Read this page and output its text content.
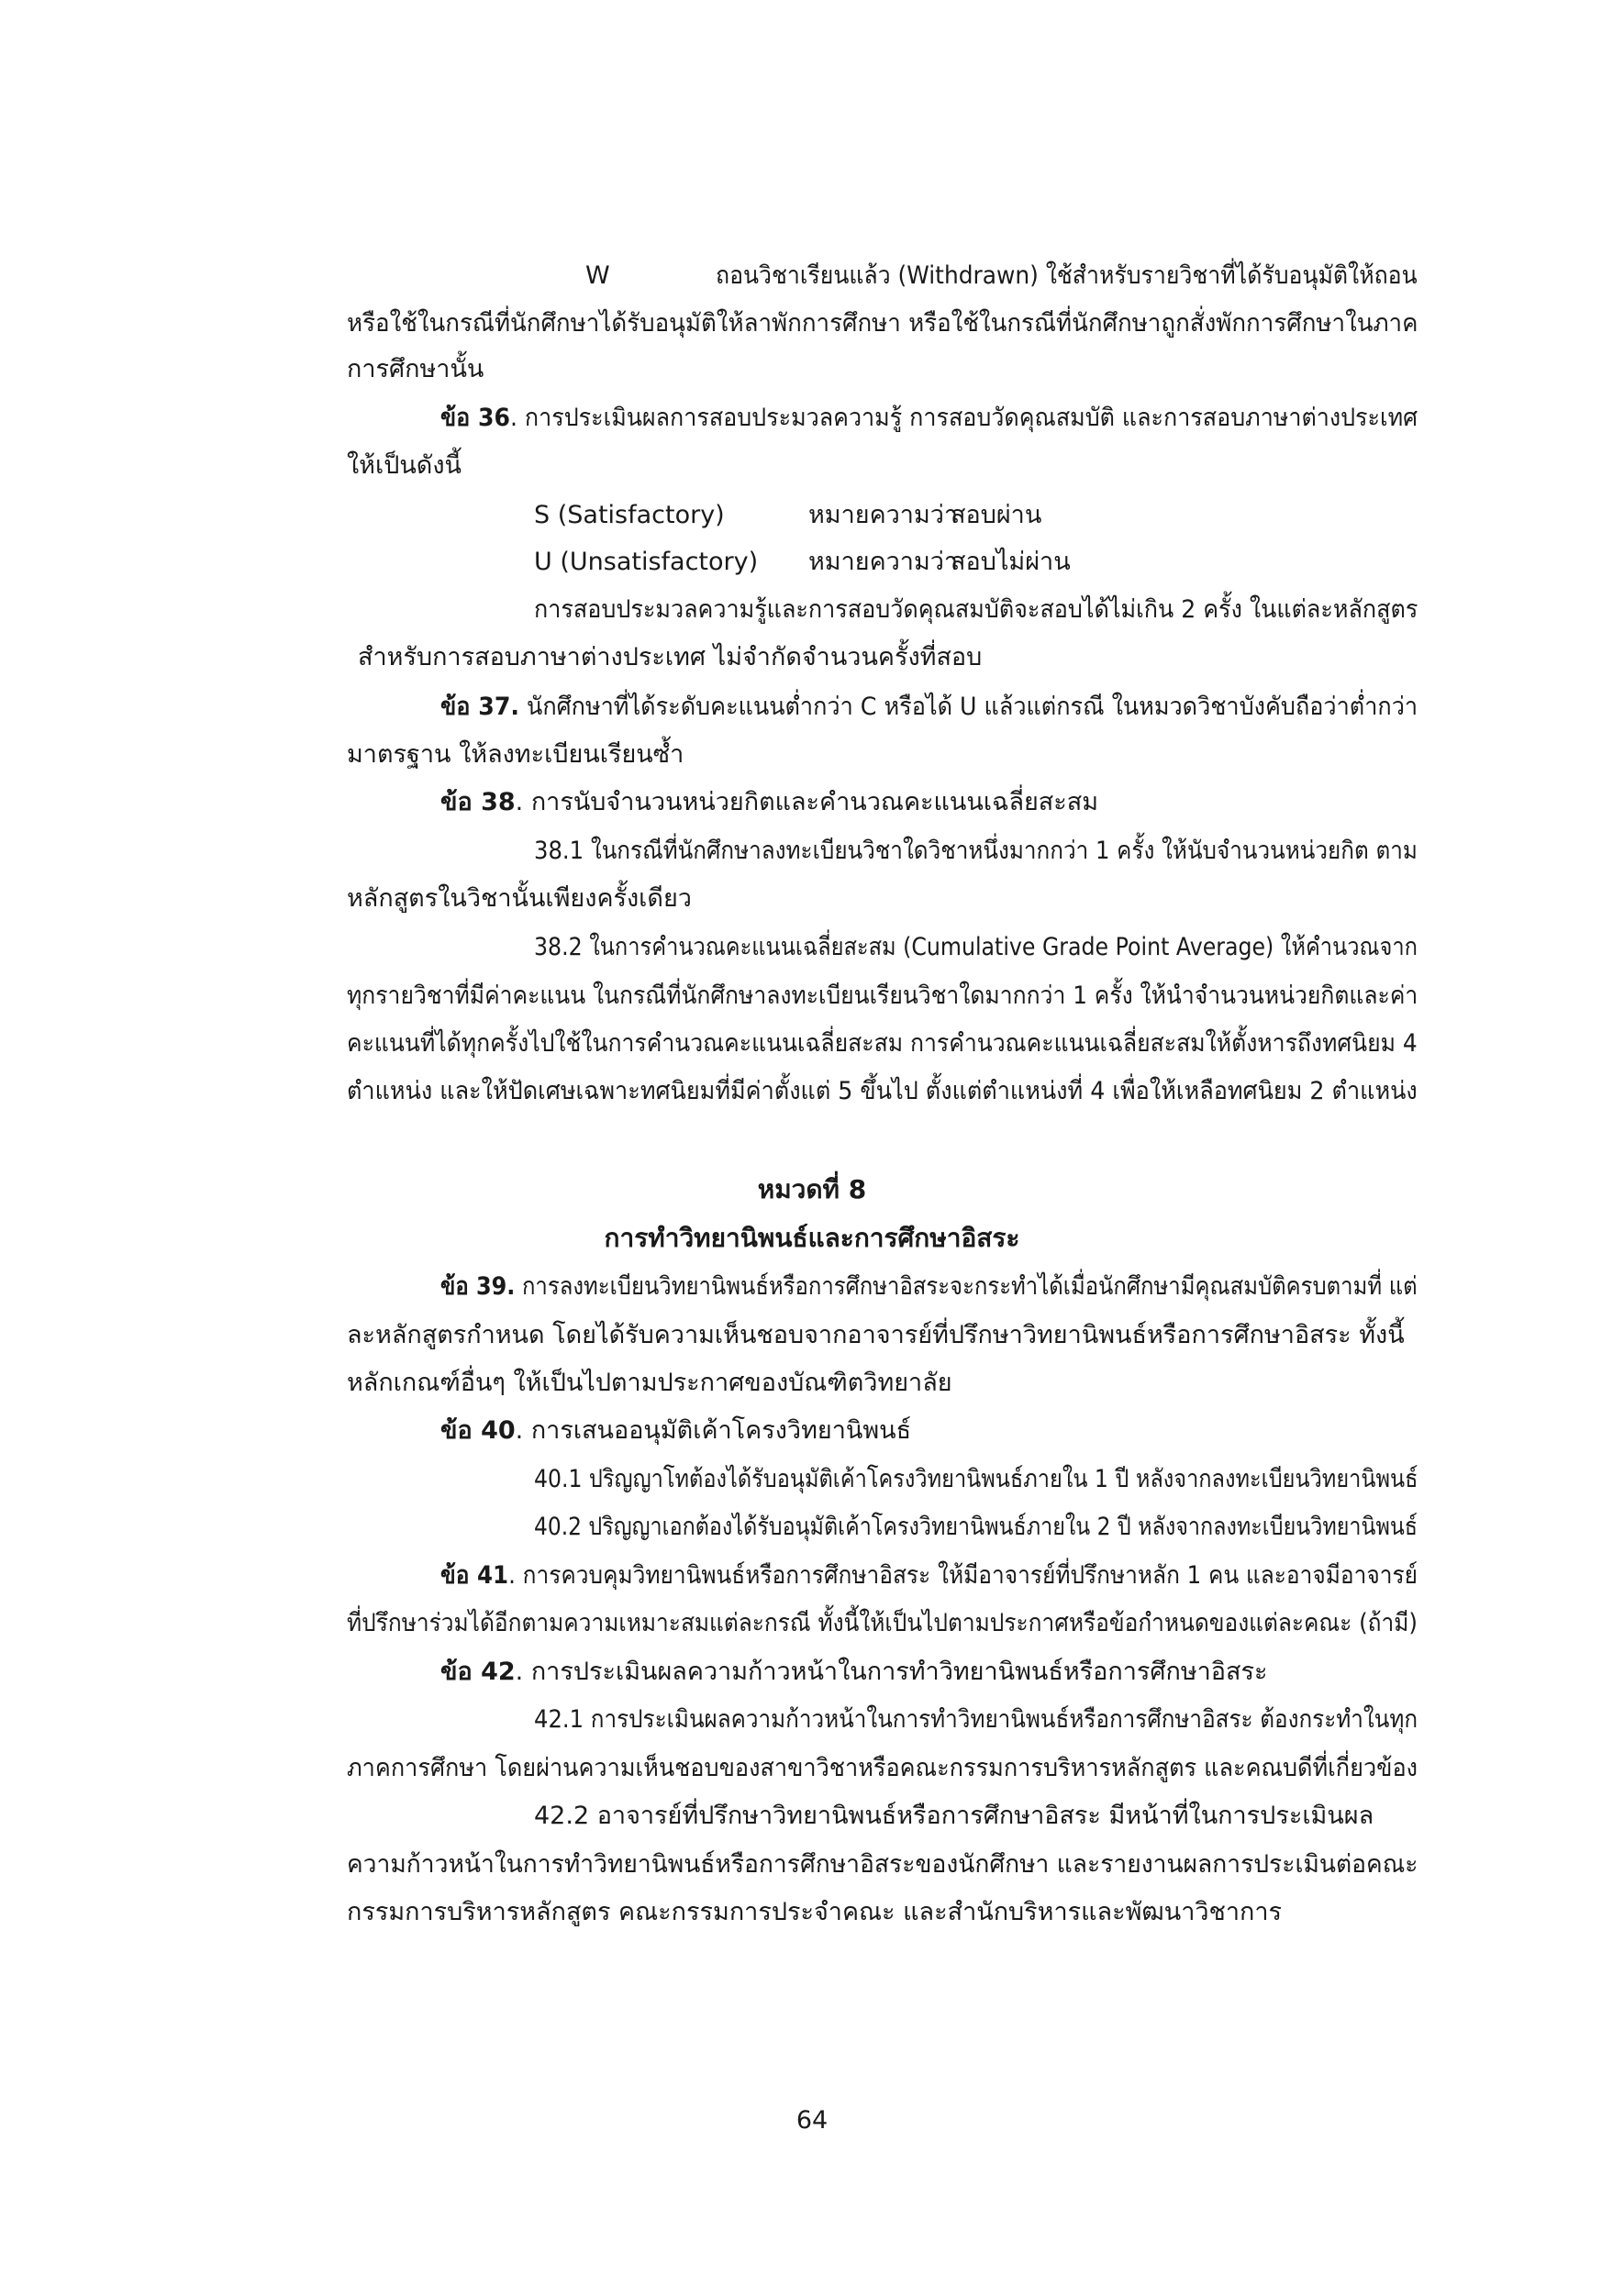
W	ถอนวิชาเรียนแล้ว (Withdrawn) ใช้สำหรับรายวิชาที่ได้รับอนุมัติให้ถอน
หรือใช้ในกรณีที่นักศึกษาได้รับอนุมัติให้ลาพักการศึกษา หรือใช้ในกรณีที่นักศึกษาถูกสั่งพักการศึกษาในภาค
การศึกษานั้น
ข้อ 36. การประเมินผลการสอบประมวลความรู้ การสอบวัดคุณสมบัติ และการสอบภาษาต่างประเทศ
ให้เป็นดังนี้
S (Satisfactory)	หมายความว่า
สอบผ่าน
U (Unsatisfactory) หมายความว่า
สอบไม่ผ่าน
การสอบประมวลความรู้และการสอบวัดคุณสมบัติจะสอบได้ไม่เกิน 2 ครั้ง ในแต่ละหลักสูตร
สำหรับการสอบภาษาต่างประเทศ ไม่จำกัดจำนวนครั้งที่สอบ
ข้อ 37. นักศึกษาที่ได้ระดับคะแนนต่ำกว่า C หรือได้ U แล้วแต่กรณี ในหมวดวิชาบังคับถือว่าต่ำกว่า
มาตรฐาน ให้ลงทะเบียนเรียนซ้ำ
ข้อ 38. การนับจำนวนหน่วยกิตและคำนวณคะแนนเฉลี่ยสะสม
38.1 ในกรณีที่นักศึกษาลงทะเบียนวิชาใดวิชาหนึ่งมากกว่า 1 ครั้ง ให้นับจำนวนหน่วยกิต ตาม
หลักสูตรในวิชานั้นเพียงครั้งเดียว
38.2 ในการคำนวณคะแนนเฉลี่ยสะสม (Cumulative Grade Point Average) ให้คำนวณจาก
ทุกรายวิชาที่มีค่าคะแนน ในกรณีที่นักศึกษาลงทะเบียนเรียนวิชาใดมากกว่า 1 ครั้ง ให้นำจำนวนหน่วยกิตและค่า
คะแนนที่ได้ทุกครั้งไปใช้ในการคำนวณคะแนนเฉลี่ยสะสม การคำนวณคะแนนเฉลี่ยสะสมให้ตั้งหารถึงทศนิยม 4
ตำแหน่ง และให้ปัดเศษเฉพาะทศนิยมที่มีค่าตั้งแต่ 5 ขึ้นไป ตั้งแต่ตำแหน่งที่ 4 เพื่อให้เหลือทศนิยม 2 ตำแหน่ง
หมวดที่ 8
การทำวิทยานิพนธ์และการศึกษาอิสระ
ข้อ 39. การลงทะเบียนวิทยานิพนธ์หรือการศึกษาอิสระจะกระทำได้เมื่อนักศึกษามีคุณสมบัติครบตามที่ แต่
ละหลักสูตรกำหนด โดยได้รับความเห็นชอบจากอาจารย์ที่ปรึกษาวิทยานิพนธ์หรือการศึกษาอิสระ ทั้งนี้
หลักเกณฑ์อื่นๆ ให้เป็นไปตามประกาศของบัณฑิตวิทยาลัย
ข้อ 40. การเสนออนุมัติเค้าโครงวิทยานิพนธ์
40.1 ปริญญาโทต้องได้รับอนุมัติเค้าโครงวิทยานิพนธ์ภายใน 1 ปี หลังจากลงทะเบียนวิทยานิพนธ์
40.2 ปริญญาเอกต้องได้รับอนุมัติเค้าโครงวิทยานิพนธ์ภายใน 2 ปี หลังจากลงทะเบียนวิทยานิพนธ์
ข้อ 41. การควบคุมวิทยานิพนธ์หรือการศึกษาอิสระ ให้มีอาจารย์ที่ปรึกษาหลัก 1 คน และอาจมีอาจารย์
ที่ปรึกษาร่วมได้อีกตามความเหมาะสมแต่ละกรณี ทั้งนี้ให้เป็นไปตามประกาศหรือข้อกำหนดของแต่ละคณะ (ถ้ามี)
ข้อ 42. การประเมินผลความก้าวหน้าในการทำวิทยานิพนธ์หรือการศึกษาอิสระ
42.1 การประเมินผลความก้าวหน้าในการทำวิทยานิพนธ์หรือการศึกษาอิสระ ต้องกระทำในทุก
ภาคการศึกษา โดยผ่านความเห็นชอบของสาขาวิชาหรือคณะกรรมการบริหารหลักสูตร และคณบดีที่เกี่ยวข้อง
42.2 อาจารย์ที่ปรึกษาวิทยานิพนธ์หรือการศึกษาอิสระ มีหน้าที่ในการประเมินผล
ความก้าวหน้าในการทำวิทยานิพนธ์หรือการศึกษาอิสระของนักศึกษา และรายงานผลการประเมินต่อคณะ
กรรมการบริหารหลักสูตร คณะกรรมการประจำคณะ และสำนักบริหารและพัฒนาวิชาการ
64
